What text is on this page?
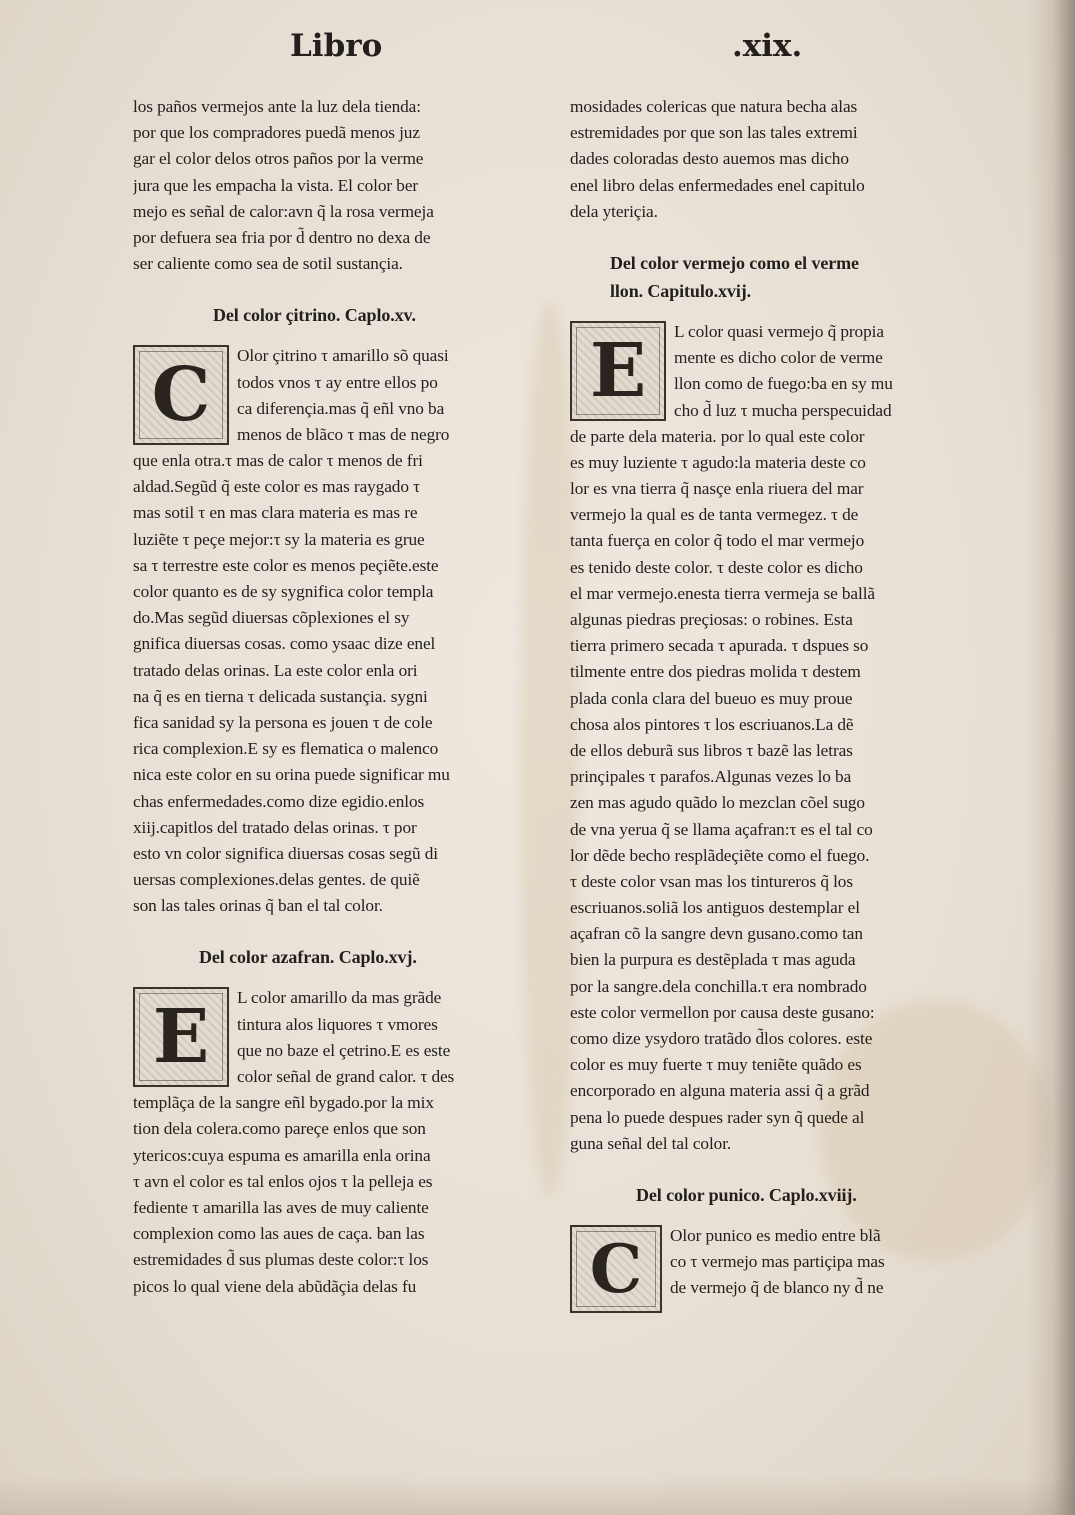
Libro	.xix.
los paños vermejos ante la luz dela tienda:
por que los compradores puedã menos juz
gar el color delos otros paños por la verme
jura que les empacha la vista. El color ber
mejo es señal de calor:avn q̃ la rosa vermeja
por defuera sea fria por d̃ dentro no dexa de
ser caliente como sea de sotil sustançia.
Del color çitrino. Caplo.xv.
C	Olor çitrino τ amarillo sõ quasi
todos vnos τ ay entre ellos po
ca diferençia.mas q̃ eñl vno ba
menos de blãco τ mas de negro
que enla otra.τ mas de calor τ menos de fri
aldad.Segũd q̃ este color es mas raygado τ
mas sotil τ en mas clara materia es mas re
luziẽte τ peçe mejor:τ sy la materia es grue
sa τ terrestre este color es menos peçiẽte.este
color quanto es de sy sygnifica color templa
do.Mas segũd diuersas cõplexiones el sy
gnifica diuersas cosas. como ysaac dize enel
tratado delas orinas. La este color enla ori
na q̃ es en tierna τ delicada sustançia. sygni
fica sanidad sy la persona es jouen τ de cole
rica complexion.E sy es flematica o malenco
nica este color en su orina puede significar mu
chas enfermedades.como dize egidio.enlos
xiij.capitlos del tratado delas orinas. τ por
esto vn color significa diuersas cosas segũ di
uersas complexiones.delas gentes. de quiẽ
son las tales orinas q̃ ban el tal color.
Del color azafran. Caplo.xvj.
E	L color amarillo da mas grãde
tintura alos liquores τ vmores
que no baze el çetrino.E es este
color señal de grand calor. τ des
templãça de la sangre eñl bygado.por la mix
tion dela colera.como pareçe enlos que son
ytericos:cuya espuma es amarilla enla orina
τ avn el color es tal enlos ojos τ la pelleja es
fediente τ amarilla las aves de muy caliente
complexion como las aues de caça. ban las
estremidades d̃ sus plumas deste color:τ los
picos lo qual viene dela abũdãçia delas fu
mosidades colericas que natura becha alas
estremidades por que son las tales extremi
dades coloradas desto auemos mas dicho
enel libro delas enfermedades enel capitulo
dela yteriçia.
Del color vermejo como el verme
llon. Capitulo.xvij.
E	L color quasi vermejo q̃ propia
mente es dicho color de verme
llon como de fuego:ba en sy mu
cho d̃ luz τ mucha perspecuidad
de parte dela materia. por lo qual este color
es muy luziente τ agudo:la materia deste co
lor es vna tierra q̃ nasçe enla riuera del mar
vermejo la qual es de tanta vermegez. τ de
tanta fuerça en color q̃ todo el mar vermejo
es tenido deste color. τ deste color es dicho
el mar vermejo.enesta tierra vermeja se ballã
algunas piedras preçiosas: o robines. Esta
tierra primero secada τ apurada. τ dspues so
tilmente entre dos piedras molida τ destem
plada conla clara del bueuo es muy proue
chosa alos pintores τ los escriuanos.La dẽ
de ellos deburã sus libros τ bazẽ las letras
prinçipales τ parafos.Algunas vezes lo ba
zen mas agudo quãdo lo mezclan cõel sugo
de vna yerua q̃ se llama açafran:τ es el tal co
lor dẽde becho resplãdeçiẽte como el fuego.
τ deste color vsan mas los tintureros q̃ los
escriuanos.soliã los antiguos destemplar el
açafran cõ la sangre devn gusano.como tan
bien la purpura es destẽplada τ mas aguda
por la sangre.dela conchilla.τ era nombrado
este color vermellon por causa deste gusano:
como dize ysydoro tratãdo d̃los colores. este
color es muy fuerte τ muy teniẽte quãdo es
encorporado en alguna materia assi q̃ a grãd
pena lo puede despues rader syn q̃ quede al
guna señal del tal color.
Del color punico. Caplo.xviij.
C	Olor punico es medio entre blã
co τ vermejo mas partiçipa mas
de vermejo q̃ de blanco ny d̃ ne
